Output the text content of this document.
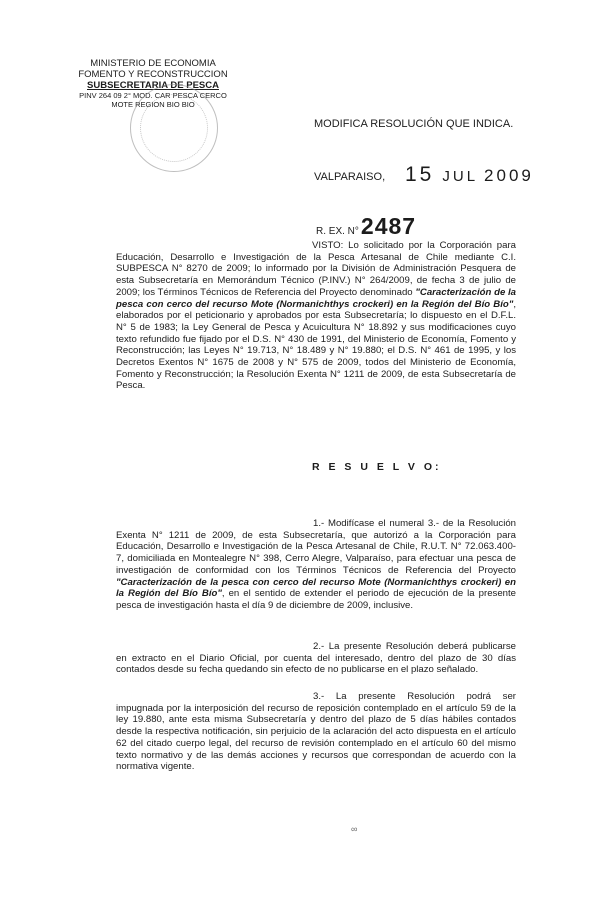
MINISTERIO DE ECONOMIA
FOMENTO Y RECONSTRUCCION
SUBSECRETARIA DE PESCA
PINV 264 09 2° MOD. CAR PESCA CERCO
MOTE REGION BIO BIO
MODIFICA RESOLUCIÓN QUE INDICA.
VALPARAISO, 15 JUL 2009
R. EX. N°2487
VISTO: Lo solicitado por la Corporación para Educación, Desarrollo e Investigación de la Pesca Artesanal de Chile mediante C.I. SUBPESCA N° 8270 de 2009; lo informado por la División de Administración Pesquera de esta Subsecretaría en Memorándum Técnico (P.INV.) N° 264/2009, de fecha 3 de julio de 2009; los Términos Técnicos de Referencia del Proyecto denominado "Caracterización de la pesca con cerco del recurso Mote (Normanichthys crockeri) en la Región del Bío Bío", elaborados por el peticionario y aprobados por esta Subsecretaría; lo dispuesto en el D.F.L. N° 5 de 1983; la Ley General de Pesca y Acuicultura N° 18.892 y sus modificaciones cuyo texto refundido fue fijado por el D.S. N° 430 de 1991, del Ministerio de Economía, Fomento y Reconstrucción; las Leyes N° 19.713, N° 18.489 y N° 19.880; el D.S. N° 461 de 1995, y los Decretos Exentos N° 1675 de 2008 y N° 575 de 2009, todos del Ministerio de Economía, Fomento y Reconstrucción; la Resolución Exenta N° 1211 de 2009, de esta Subsecretaría de Pesca.
R E S U E L V O:
1.- Modifícase el numeral 3.- de la Resolución Exenta N° 1211 de 2009, de esta Subsecretaría, que autorizó a la Corporación para Educación, Desarrollo e Investigación de la Pesca Artesanal de Chile, R.U.T. N° 72.063.400-7, domiciliada en Montealegre N° 398, Cerro Alegre, Valparaíso, para efectuar una pesca de investigación de conformidad con los Términos Técnicos de Referencia del Proyecto "Caracterización de la pesca con cerco del recurso Mote (Normanichthys crockeri) en la Región del Bío Bío", en el sentido de extender el periodo de ejecución de la presente pesca de investigación hasta el día 9 de diciembre de 2009, inclusive.
2.- La presente Resolución deberá publicarse en extracto en el Diario Oficial, por cuenta del interesado, dentro del plazo de 30 días contados desde su fecha quedando sin efecto de no publicarse en el plazo señalado.
3.- La presente Resolución podrá ser impugnada por la interposición del recurso de reposición contemplado en el artículo 59 de la ley 19.880, ante esta misma Subsecretaría y dentro del plazo de 5 días hábiles contados desde la respectiva notificación, sin perjuicio de la aclaración del acto dispuesta en el artículo 62 del citado cuerpo legal, del recurso de revisión contemplado en el artículo 60 del mismo texto normativo y de las demás acciones y recursos que correspondan de acuerdo con la normativa vigente.
∞
